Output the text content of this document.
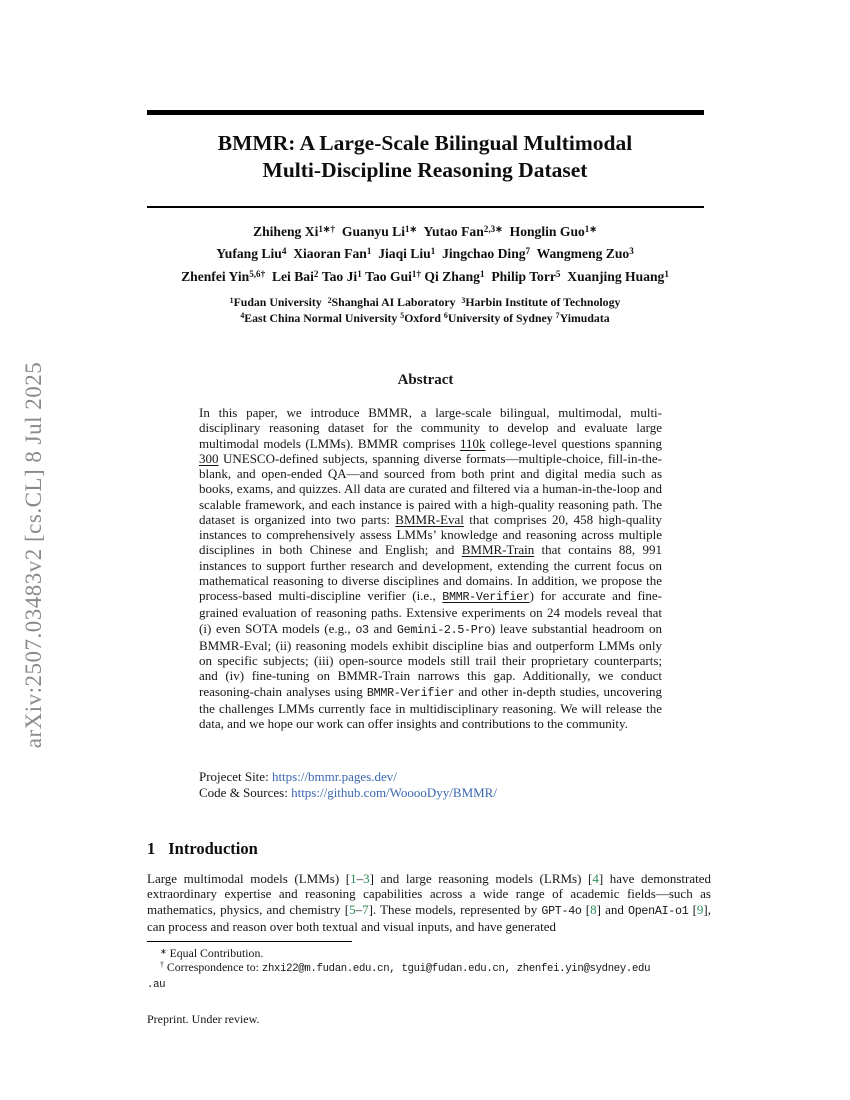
arXiv:2507.03483v2 [cs.CL] 8 Jul 2025
BMMR: A Large-Scale Bilingual Multimodal
Multi-Discipline Reasoning Dataset
Zhiheng $Xi^{1∗\dagger}$  Guanyu $Li^{1∗}$  Yutao Fan$^{2,3∗}$  Honglin Guo$^{1∗}$
Yufang Liu$^4$  Xiaoran Fan$^1$  Jiaqi Liu$^1$  Jingchao Ding$^7$  Wangmeng Zuo$^3$
Zhenfei Yin$^{5,6\dagger}$  Lei Bai$^2$ Tao Ji$^1$ Tao Gui$^{1\dagger}$ Qi Zhang$^1$  Philip Torr$^5$  Xuanjing Huang$^1$
$^1$Fudan University  $^2$Shanghai AI Laboratory  $^3$Harbin Institute of Technology
$^4$East China Normal University $^5$Oxford $^6$University of Sydney $^7$Yimudata
Abstract
In this paper, we introduce BMMR, a large-scale bilingual, multimodal, multi-disciplinary reasoning dataset for the community to develop and evaluate large multimodal models (LMMs). BMMR comprises 110k college-level questions spanning 300 UNESCO-defined subjects, spanning diverse formats—multiple-choice, fill-in-the-blank, and open-ended QA—and sourced from both print and digital media such as books, exams, and quizzes. All data are curated and filtered via a human-in-the-loop and scalable framework, and each instance is paired with a high-quality reasoning path. The dataset is organized into two parts: BMMR-Eval that comprises 20, 458 high-quality instances to comprehensively assess LMMs’ knowledge and reasoning across multiple disciplines in both Chinese and English; and BMMR-Train that contains 88, 991 instances to support further research and development, extending the current focus on mathematical reasoning to diverse disciplines and domains. In addition, we propose the process-based multi-discipline verifier (i.e., BMMR-Verifier) for accurate and fine-grained evaluation of reasoning paths. Extensive experiments on 24 models reveal that (i) even SOTA models (e.g., o3 and Gemini-2.5-Pro) leave substantial headroom on BMMR-Eval; (ii) reasoning models exhibit discipline bias and outperform LMMs only on specific subjects; (iii) open-source models still trail their proprietary counterparts; and (iv) fine-tuning on BMMR-Train narrows this gap. Additionally, we conduct reasoning-chain analyses using BMMR-Verifier and other in-depth studies, uncovering the challenges LMMs currently face in multidisciplinary reasoning. We will release the data, and we hope our work can offer insights and contributions to the community.
Projecet Site: https://bmmr.pages.dev/
Code & Sources: https://github.com/WooooDyy/BMMR/
1 Introduction
Large multimodal models (LMMs) [1–3] and large reasoning models (LRMs) [4] have demonstrated extraordinary expertise and reasoning capabilities across a wide range of academic fields—such as mathematics, physics, and chemistry [5–7]. These models, represented by GPT-4o [8] and OpenAI-o1 [9], can process and reason over both textual and visual inputs, and have generated
∗ Equal Contribution.
† Correspondence to: zhxi22@m.fudan.edu.cn, tgui@fudan.edu.cn, zhenfei.yin@sydney.edu
.au
Preprint. Under review.
